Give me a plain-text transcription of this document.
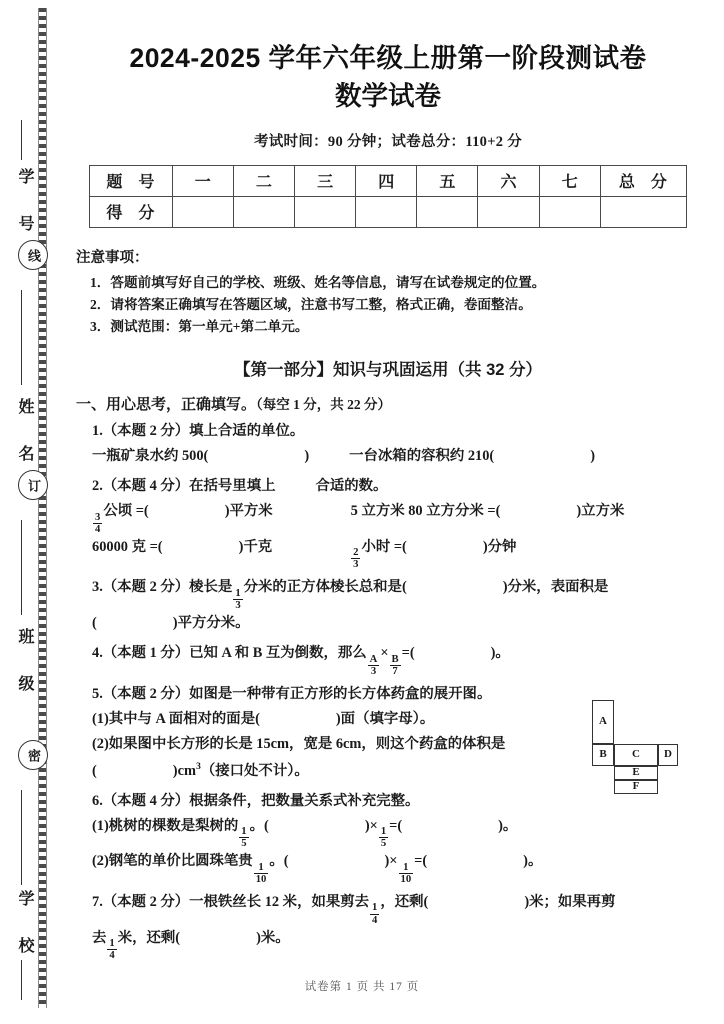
学 号
姓 名
班 级
学 校
线
订
密
2024-2025 学年六年级上册第一阶段测试卷
数学试卷
考试时间：90 分钟；试卷总分：110+2 分
题 号	一	二	三	四	五	六	七	总 分
得 分								
注意事项：
1．答题前填写好自己的学校、班级、姓名等信息，请写在试卷规定的位置。
2．请将答案正确填写在答题区域，注意书写工整，格式正确，卷面整洁。
3．测试范围：第一单元+第二单元。
【第一部分】知识与巩固运用（共 32 分）
一、用心思考，正确填写。（每空 1 分，共 22 分）
1.（本题 2 分）填上合适的单位。
一瓶矿泉水约 500(	)	一台冰箱的容积约 210(	)
2.（本题 4 分）在括号里填上	合适的数。
$\frac{3}{4}$
公顷 =(	)平方米	5 立方米 80 立方分米 =(	)立方米
60000 克 =(	)千克
$\frac{2}{3}$
小时 =(	)分钟
3.（本题 2 分）棱长是
$\frac{1}{3}$
分米的正方体棱长总和是(	)分米，表面积是
(	)平方分米。
4.（本题 1 分）已知 A 和 B 互为倒数，那么
$\frac{A}{3}$
×
$\frac{B}{7}$
=(	)。
5.（本题 2 分）如图是一种带有正方形的长方体药盒的展开图。
(1)其中与 A 面相对的面是(	)面（填字母）。
(2)如果图中长方形的长是 15cm，宽是 6cm，则这个药盒的体积是
(	)$cm^3$（接口处不计）。
6.（本题 4 分）根据条件，把数量关系式补充完整。
(1)桃树的棵数是梨树的
$\frac{1}{5}$
。(	)×
$\frac{1}{5}$
=(	)。
(2)钢笔的单价比圆珠笔贵
$\frac{1}{10}$
。(	)×
$\frac{1}{10}$
=(	)。
7.（本题 2 分）一根铁丝长 12 米，如果剪去
$\frac{1}{4}$
，还剩(	)米；如果再剪
去
$\frac{1}{4}$
米，还剩(	)米。
A
B	C	D
E
F
试卷第 1 页 共 17 页
